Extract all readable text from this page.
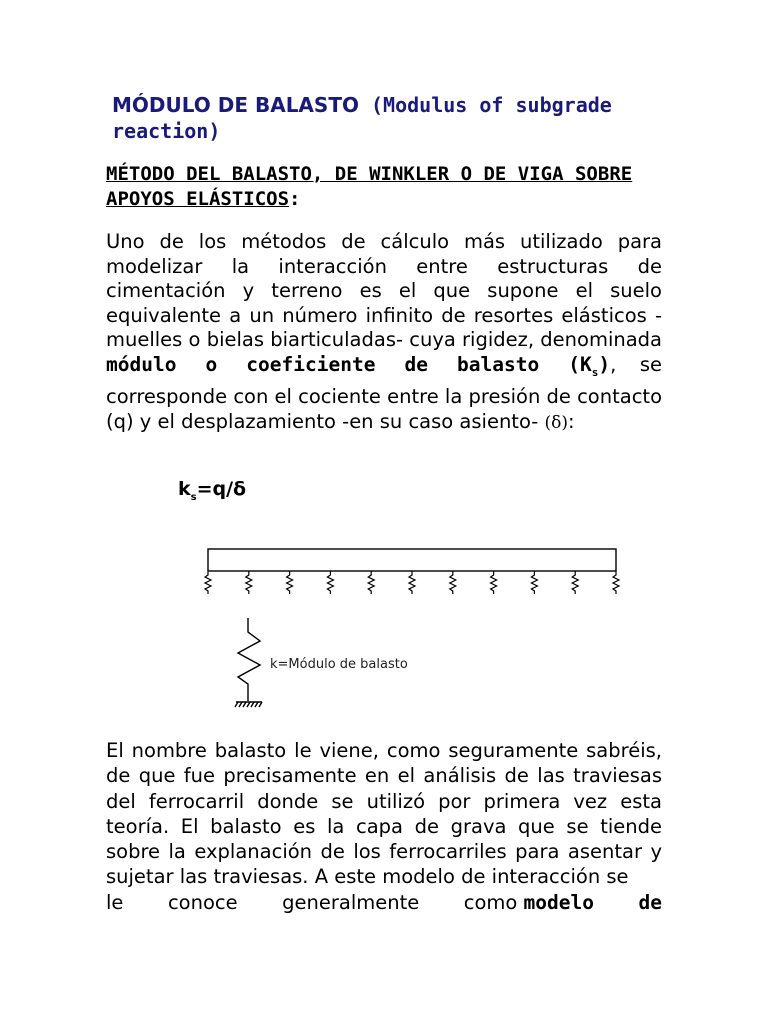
MÓDULO DE BALASTO (Modulus of subgrade reaction)

MÉTODO DEL BALASTO, DE WINKLER O DE VIGA SOBRE APOYOS ELÁSTICOS:

Uno de los métodos de cálculo más utilizado para modelizar la interacción entre estructuras de cimentación y terreno es el que supone el suelo equivalente a un número infinito de resortes elásticos - muelles o bielas biarticuladas- cuya rigidez, denominada módulo o coeficiente de balasto $(K_s)$, se corresponde con el cociente entre la presión de contacto (q) y el desplazamiento -en su caso asiento- (δ):

$k_s=q/\delta$

k=Módulo de balasto
El nombre balasto le viene, como seguramente sabréis, de que fue precisamente en el análisis de las traviesas del ferrocarril donde se utilizó por primera vez esta teoría. El balasto es la capa de grava que se tiende sobre la explanación de los ferrocarriles para asentar y sujetar las traviesas. A este modelo de interacción se
le conoce generalmente como modelo de
